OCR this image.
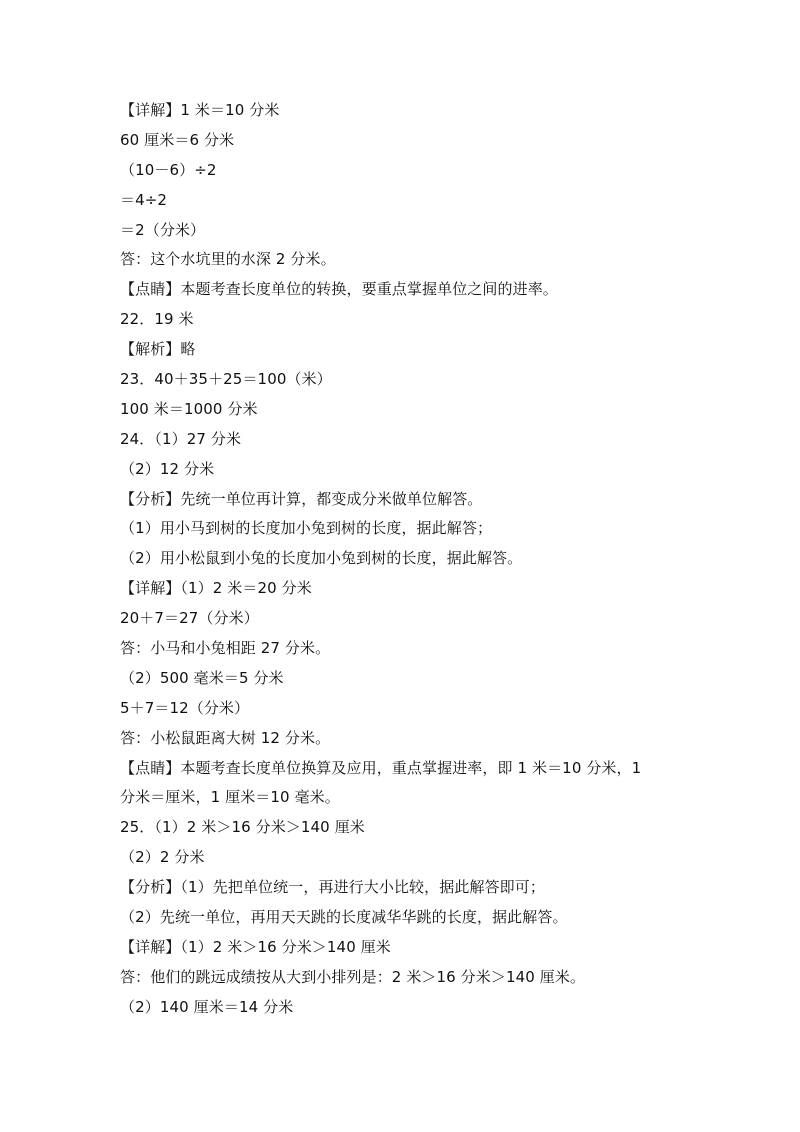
【详解】1 米＝10 分米
60 厘米＝6 分米
（10－6）÷2
＝4÷2
＝2（分米）
答：这个水坑里的水深 2 分米。
【点睛】本题考查长度单位的转换，要重点掌握单位之间的进率。
22．19 米
【解析】略
23．40＋35＋25＝100（米）
100 米＝1000 分米
24．（1）27 分米
（2）12 分米
【分析】先统一单位再计算，都变成分米做单位解答。
（1）用小马到树的长度加小兔到树的长度，据此解答；
（2）用小松鼠到小兔的长度加小兔到树的长度，据此解答。
【详解】（1）2 米＝20 分米
20＋7＝27（分米）
答：小马和小兔相距 27 分米。
（2）500 毫米＝5 分米
5＋7＝12（分米）
答：小松鼠距离大树 12 分米。
【点睛】本题考查长度单位换算及应用，重点掌握进率，即 1 米＝10 分米，1
分米＝厘米，1 厘米＝10 毫米。
25．（1）2 米＞16 分米＞140 厘米
（2）2 分米
【分析】（1）先把单位统一，再进行大小比较，据此解答即可；
（2）先统一单位，再用天天跳的长度减华华跳的长度，据此解答。
【详解】（1）2 米＞16 分米＞140 厘米
答：他们的跳远成绩按从大到小排列是：2 米＞16 分米＞140 厘米。
（2）140 厘米＝14 分米
